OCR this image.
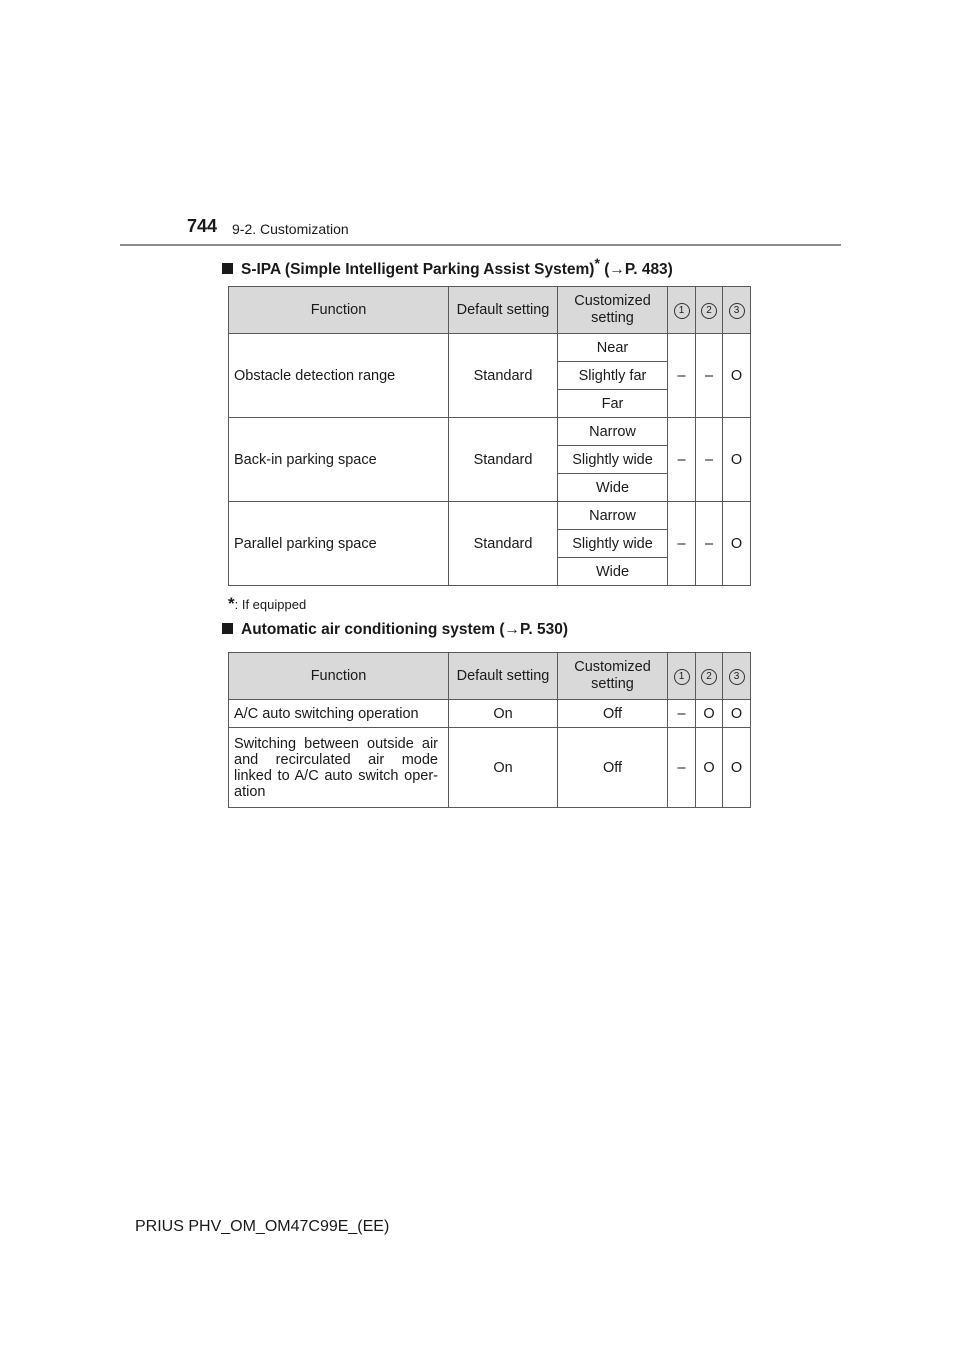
744 9-2. Customization
S-IPA (Simple Intelligent Parking Assist System)* (→P. 483)
Function	Default setting	Customized setting	1	2	3
Obstacle detection range	Standard	Near	–	–	O
		Slightly far			
		Far			
Back-in parking space	Standard	Narrow	–	–	O
		Slightly wide			
		Wide			
Parallel parking space	Standard	Narrow	–	–	O
		Slightly wide			
		Wide			
*: If equipped
Automatic air conditioning system (→P. 530)
Function	Default setting	Customized setting	1	2	3
A/C auto switching operation	On	Off	–	O	O
Switching between outside air and recirculated air mode linked to A/C auto switch oper- ation	On	Off	–	O	O
PRIUS PHV_OM_OM47C99E_(EE)
